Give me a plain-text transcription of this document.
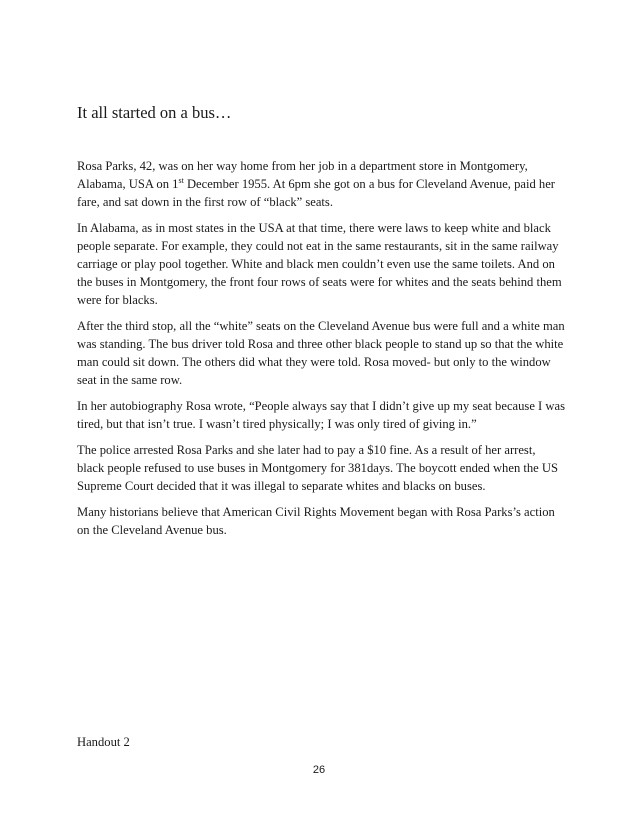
It all started on a bus…

Rosa Parks, 42, was on her way home from her job in a department store in Montgomery, Alabama, USA on 1st December 1955. At 6pm she got on a bus for Cleveland Avenue, paid her fare, and sat down in the first row of “black” seats.

In Alabama, as in most states in the USA at that time, there were laws to keep white and black people separate. For example, they could not eat in the same restaurants, sit in the same railway carriage or play pool together. White and black men couldn’t even use the same toilets. And on the buses in Montgomery, the front four rows of seats were for whites and the seats behind them were for blacks.

After the third stop, all the “white” seats on the Cleveland Avenue bus were full and a white man was standing. The bus driver told Rosa and three other black people to stand up so that the white man could sit down. The others did what they were told. Rosa moved- but only to the window seat in the same row.

In her autobiography Rosa wrote, “People always say that I didn’t give up my seat because I was tired, but that isn’t true. I wasn’t tired physically; I was only tired of giving in.”

The police arrested Rosa Parks and she later had to pay a $10 fine. As a result of her arrest, black people refused to use buses in Montgomery for 381days. The boycott ended when the US Supreme Court decided that it was illegal to separate whites and blacks on buses.

Many historians believe that American Civil Rights Movement began with Rosa Parks’s action on the Cleveland Avenue bus.

Handout 2
26
